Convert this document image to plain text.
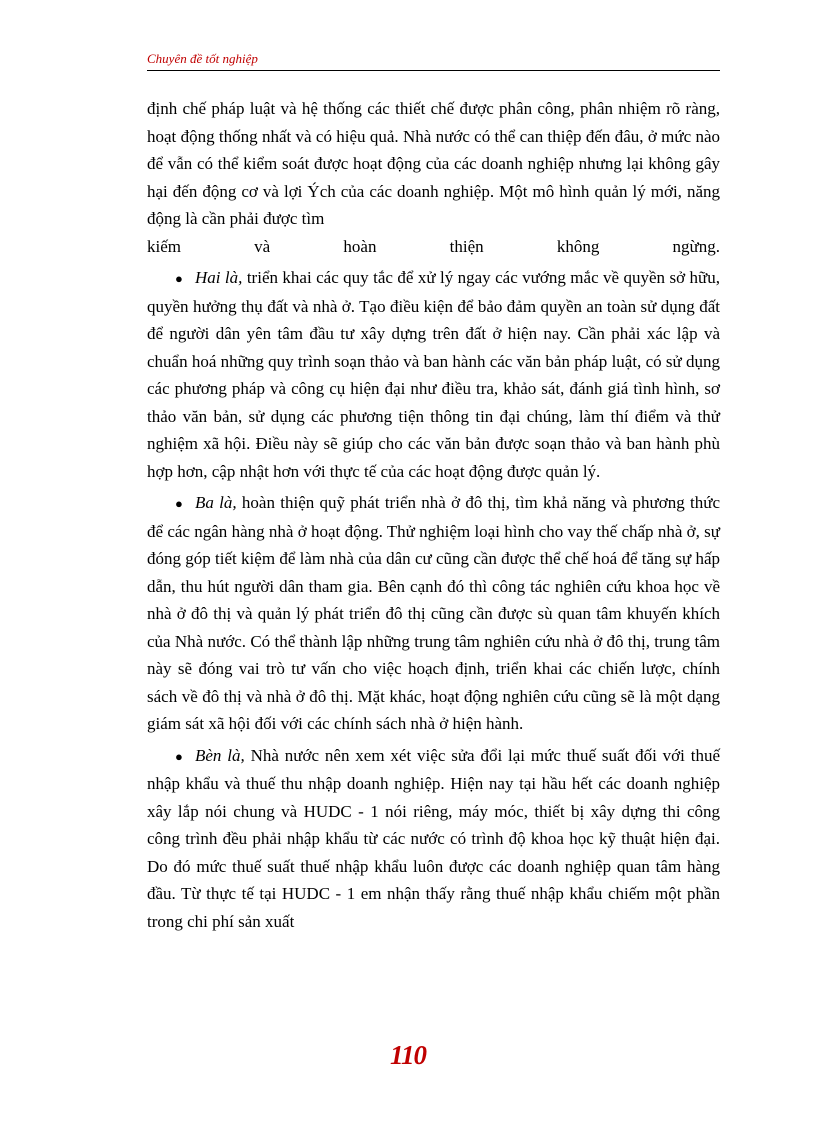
Chuyên đề tốt nghiệp

định chế pháp luật và hệ thống các thiết chế được phân công, phân nhiệm rõ ràng, hoạt động thống nhất và có hiệu quả. Nhà nước có thể can thiệp đến đâu, ở mức nào để vẫn có thể kiểm soát được hoạt động của các doanh nghiệp nhưng lại không gây hại đến động cơ và lợi Ých của các doanh nghiệp. Một mô hình quản lý mới, năng động là cần phải được tìm

kiếm và hoàn thiện không ngừng.

● Hai là, triển khai các quy tắc để xử lý ngay các vướng mắc về quyền sở hữu, quyền hưởng thụ đất và nhà ở. Tạo điều kiện để bảo đảm quyền an toàn sử dụng đất để người dân yên tâm đầu tư xây dựng trên đất ở hiện nay. Cần phải xác lập và chuẩn hoá những quy trình soạn thảo và ban hành các văn bản pháp luật, có sử dụng các phương pháp và công cụ hiện đại như điều tra, khảo sát, đánh giá tình hình, sơ thảo văn bản, sử dụng các phương tiện thông tin đại chúng, làm thí điểm và thử nghiệm xã hội. Điều này sẽ giúp cho các văn bản được soạn thảo và ban hành phù hợp hơn, cập nhật hơn với thực tế của các hoạt động được quản lý.

● Ba là, hoàn thiện quỹ phát triển nhà ở đô thị, tìm khả năng và phương thức để các ngân hàng nhà ở hoạt động. Thử nghiệm loại hình cho vay thế chấp nhà ở, sự đóng góp tiết kiệm để làm nhà của dân cư cũng cần được thể chế hoá để tăng sự hấp dẫn, thu hút người dân tham gia. Bên cạnh đó thì công tác nghiên cứu khoa học về nhà ở đô thị và quản lý phát triển đô thị cũng cần được sù quan tâm khuyến khích của Nhà nước. Có thể thành lập những trung tâm nghiên cứu nhà ở đô thị, trung tâm này sẽ đóng vai trò tư vấn cho việc hoạch định, triển khai các chiến lược, chính sách về đô thị và nhà ở đô thị. Mặt khác, hoạt động nghiên cứu cũng sẽ là một dạng giám sát xã hội đối với các chính sách nhà ở hiện hành.

● Bèn là, Nhà nước nên xem xét việc sửa đổi lại mức thuế suất đối với thuế nhập khẩu và thuế thu nhập doanh nghiệp. Hiện nay tại hầu hết các doanh nghiệp xây lắp nói chung và HUDC - 1 nói riêng, máy móc, thiết bị xây dựng thi công công trình đều phải nhập khẩu từ các nước có trình độ khoa học kỹ thuật hiện đại. Do đó mức thuế suất thuế nhập khẩu luôn được các doanh nghiệp quan tâm hàng đầu. Từ thực tế tại HUDC - 1 em nhận thấy rằng thuế nhập khẩu chiếm một phần trong chi phí sản xuất

110
